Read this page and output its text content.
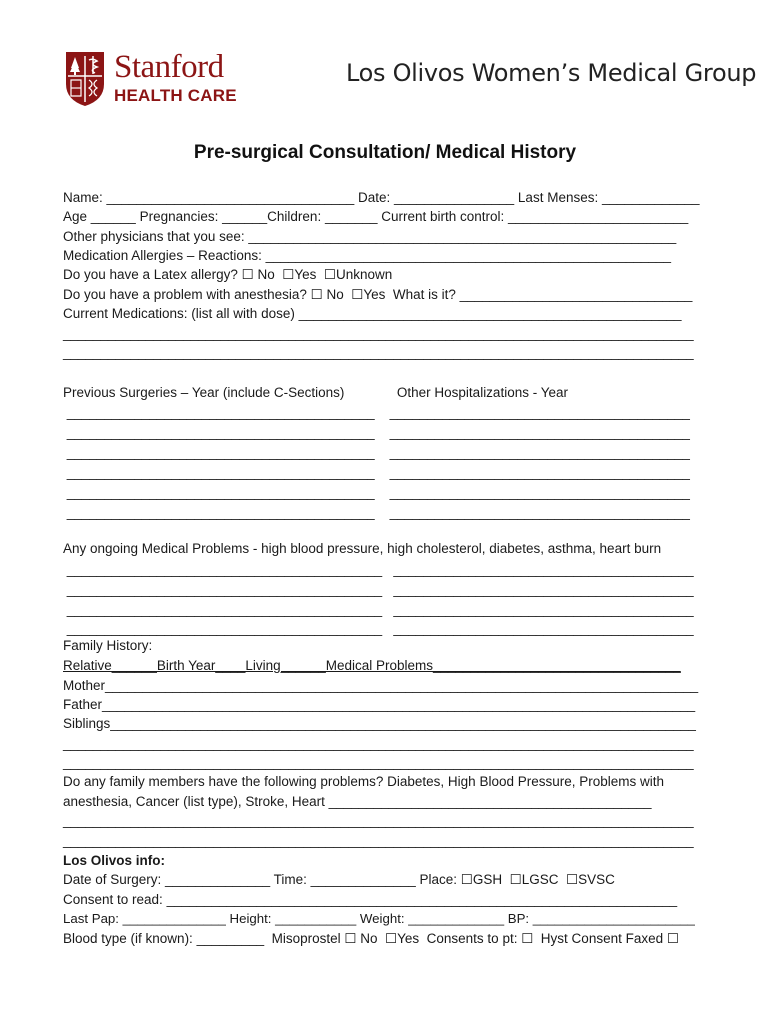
Stanford
HEALTH CARE
Los Olivos Women’s Medical Group
Pre-surgical Consultation/ Medical History
Name: _________________________________ Date: ________________ Last Menses: _____________
Age ______ Pregnancies: ______Children: _______ Current birth control: ________________________
Other physicians that you see: _________________________________________________________
Medication Allergies – Reactions: ______________________________________________________
Do you have a Latex allergy? ☐ No  ☐Yes  ☐Unknown
Do you have a problem with anesthesia? ☐ No  ☐Yes  What is it? _______________________________
Current Medications: (list all with dose) ___________________________________________________
____________________________________________________________________________________
____________________________________________________________________________________
Previous Surgeries – Year (include C-Sections)              Other Hospitalizations - Year
_________________________________________    ________________________________________
_________________________________________    ________________________________________
_________________________________________    ________________________________________
_________________________________________    ________________________________________
_________________________________________    ________________________________________
_________________________________________    ________________________________________
Any ongoing Medical Problems - high blood pressure, high cholesterol, diabetes, asthma, heart burn
__________________________________________   ________________________________________
__________________________________________   ________________________________________
__________________________________________   ________________________________________
__________________________________________   ________________________________________
Family History:
Relative______Birth Year____Living______Medical Problems_________________________________
Mother_______________________________________________________________________________
Father_______________________________________________________________________________
Siblings______________________________________________________________________________
____________________________________________________________________________________
____________________________________________________________________________________
Do any family members have the following problems? Diabetes, High Blood Pressure, Problems with
anesthesia, Cancer (list type), Stroke, Heart ___________________________________________
____________________________________________________________________________________
____________________________________________________________________________________
Los Olivos info:
Date of Surgery: ______________ Time: ______________ Place: ☐GSH  ☐LGSC  ☐SVSC
Consent to read: ____________________________________________________________________
Last Pap: ______________ Height: ___________ Weight: _____________ BP: ______________________
Blood type (if known): _________  Misoprostel ☐ No  ☐Yes  Consents to pt: ☐  Hyst Consent Faxed ☐
